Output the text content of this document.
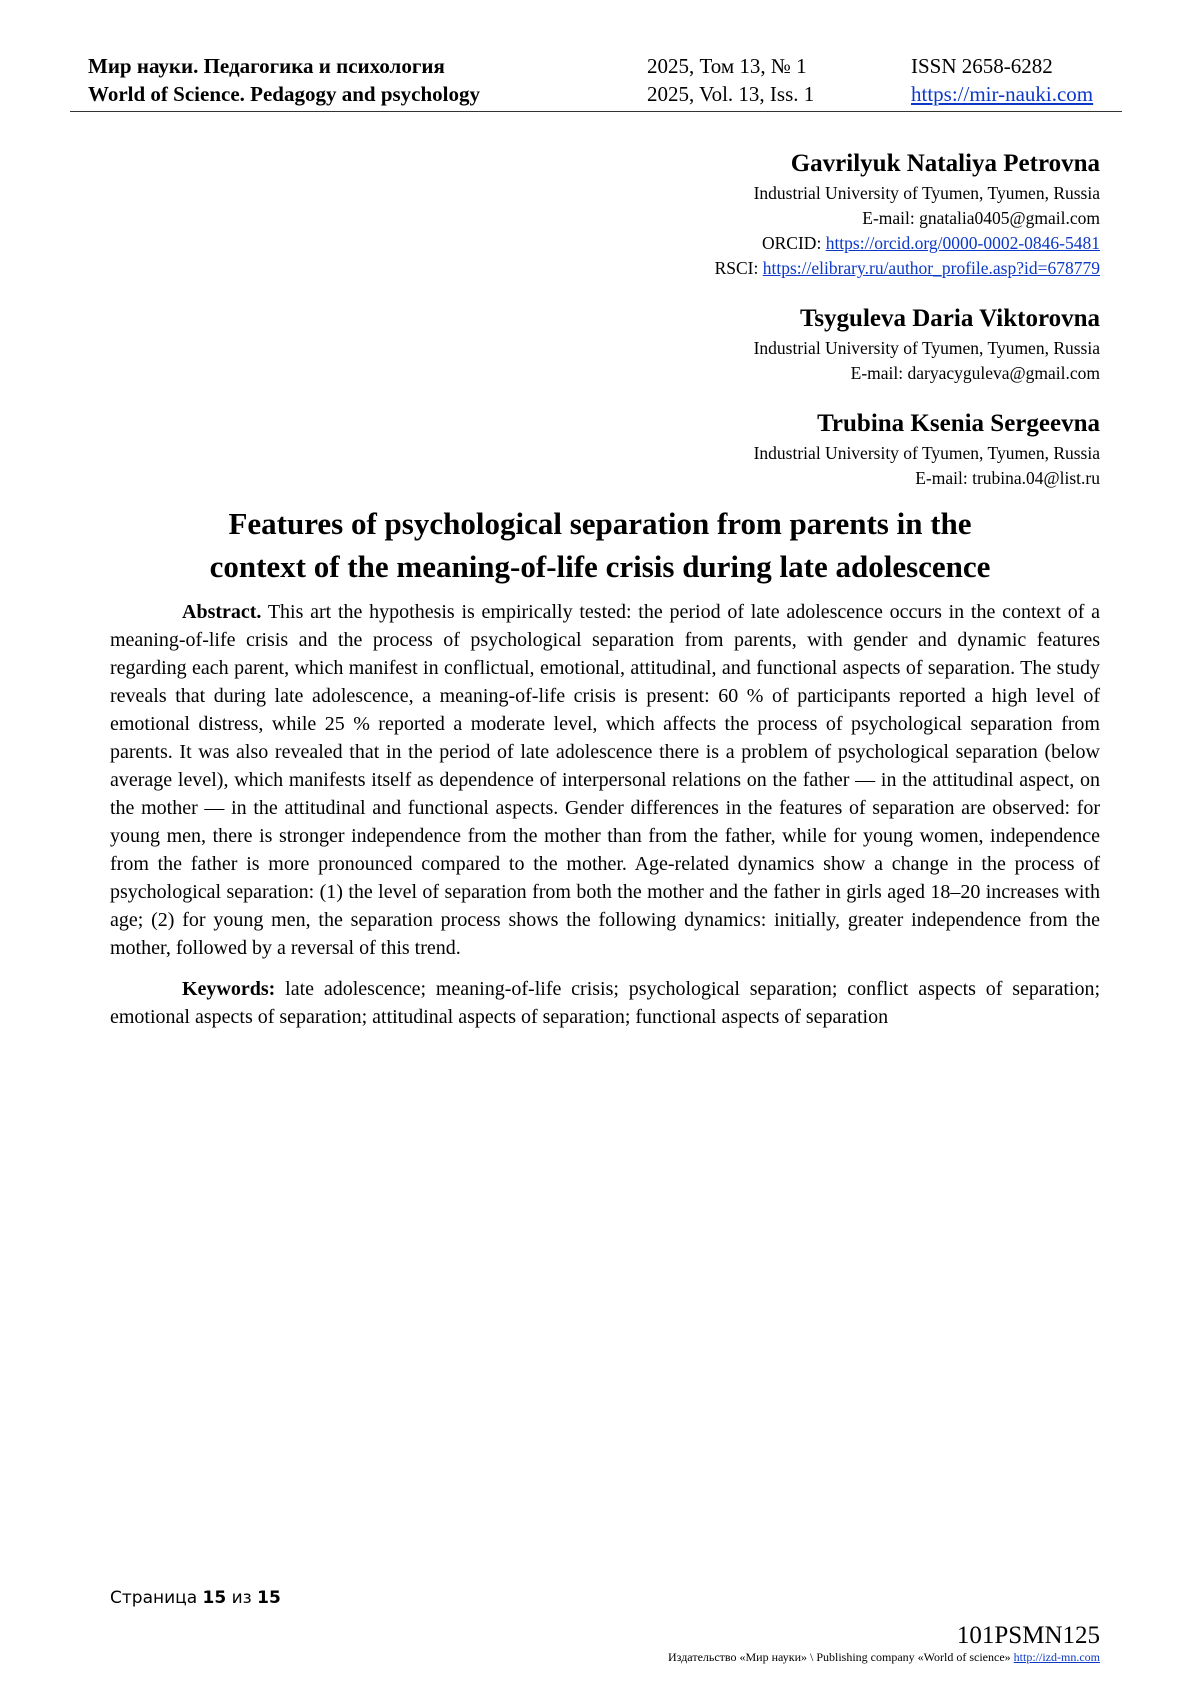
Мир науки. Педагогика и психология
World of Science. Pedagogy and psychology
2025, Том 13, № 1
2025, Vol. 13, Iss. 1
ISSN 2658-6282
https://mir-nauki.com
Gavrilyuk Nataliya Petrovna
Industrial University of Tyumen, Tyumen, Russia
E-mail: gnatalia0405@gmail.com
ORCID: https://orcid.org/0000-0002-0846-5481
RSCI: https://elibrary.ru/author_profile.asp?id=678779
Tsyguleva Daria Viktorovna
Industrial University of Tyumen, Tyumen, Russia
E-mail: daryacyguleva@gmail.com
Trubina Ksenia Sergeevna
Industrial University of Tyumen, Tyumen, Russia
E-mail: trubina.04@list.ru
Features of psychological separation from parents in the
context of the meaning-of-life crisis during late adolescence

Abstract. This art the hypothesis is empirically tested: the period of late adolescence occurs in the context of a meaning-of-life crisis and the process of psychological separation from parents, with gender and dynamic features regarding each parent, which manifest in conflictual, emotional, attitudinal, and functional aspects of separation. The study reveals that during late adolescence, a meaning-of-life crisis is present: 60 % of participants reported a high level of emotional distress, while 25 % reported a moderate level, which affects the process of psychological separation from parents. It was also revealed that in the period of late adolescence there is a problem of psychological separation (below average level), which manifests itself as dependence of interpersonal relations on the father — in the attitudinal aspect, on the mother — in the attitudinal and functional aspects. Gender differences in the features of separation are observed: for young men, there is stronger independence from the mother than from the father, while for young women, independence from the father is more pronounced compared to the mother. Age-related dynamics show a change in the process of psychological separation: (1) the level of separation from both the mother and the father in girls aged 18–20 increases with age; (2) for young men, the separation process shows the following dynamics: initially, greater independence from the mother, followed by a reversal of this trend.

Keywords: late adolescence; meaning-of-life crisis; psychological separation; conflict aspects of separation; emotional aspects of separation; attitudinal aspects of separation; functional aspects of separation

Страница 15 из 15
101PSMN125
Издательство «Мир науки» \ Publishing company «World of science» http://izd-mn.com
